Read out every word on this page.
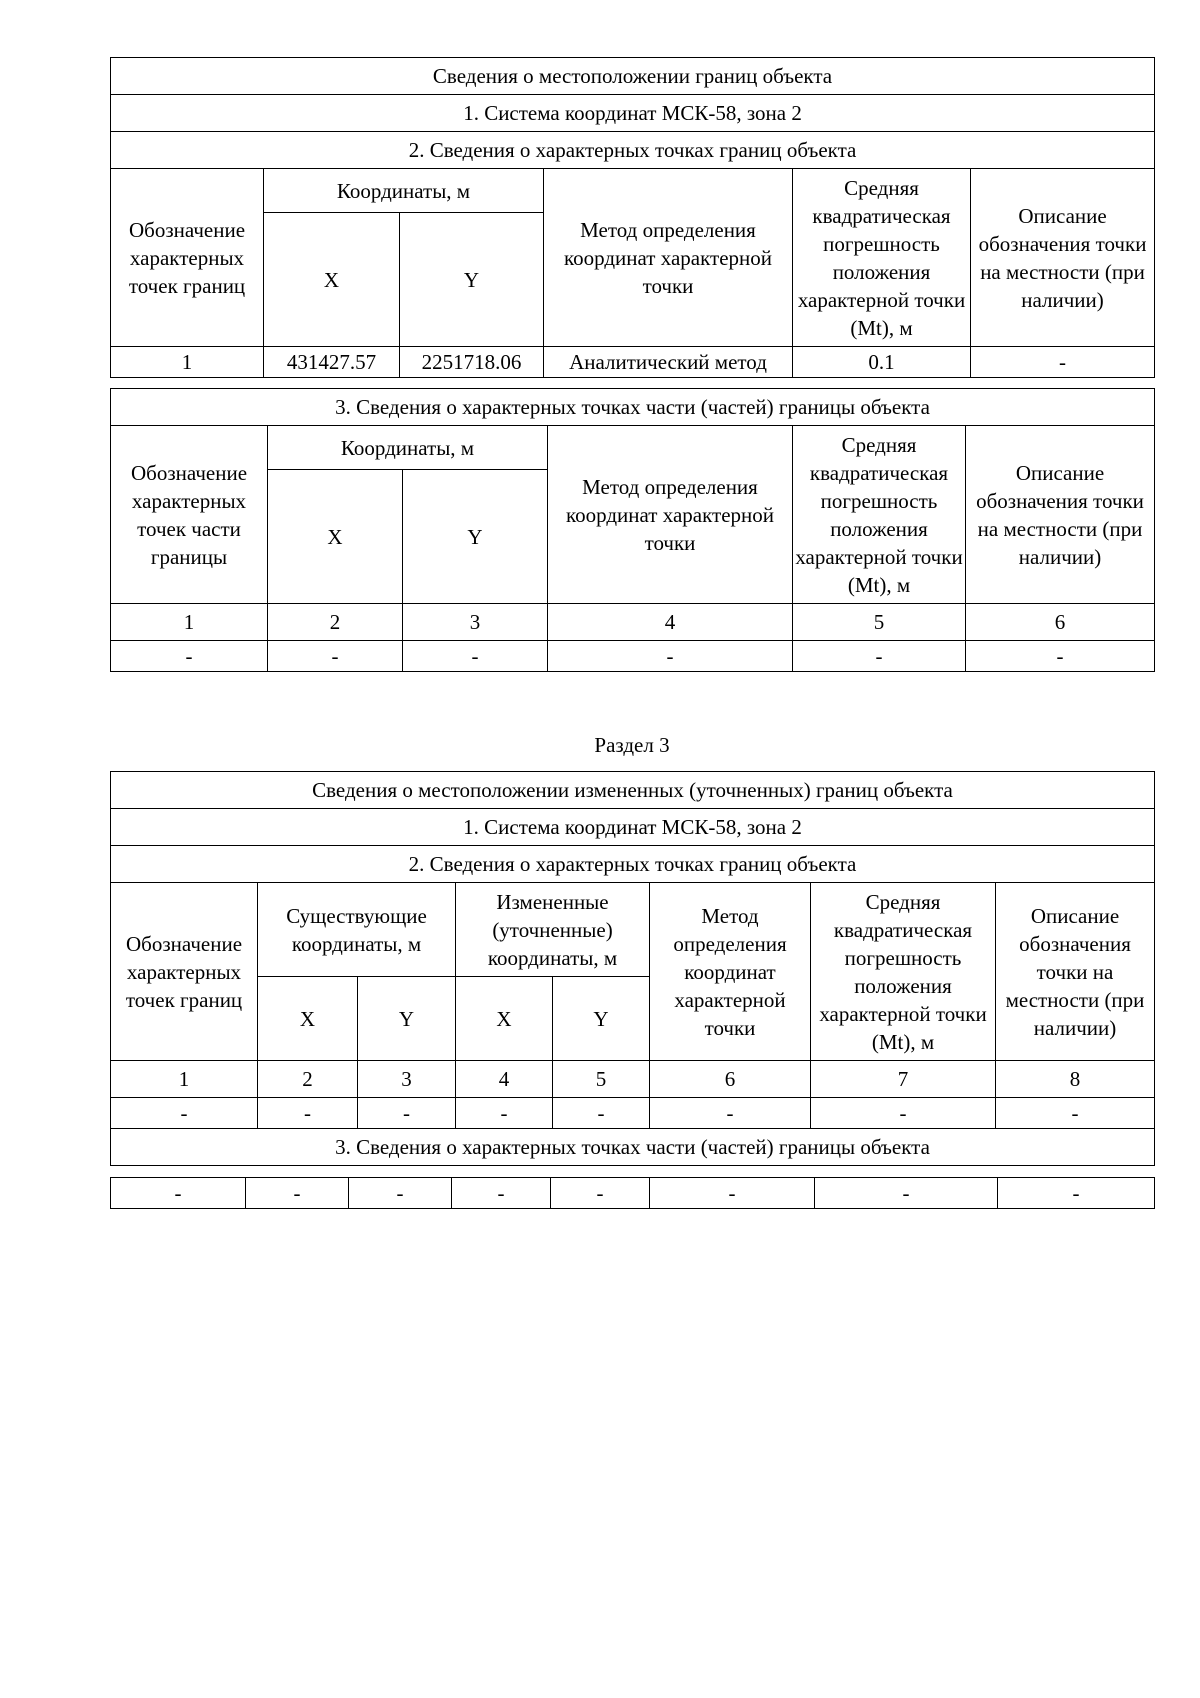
Сведения о местоположении границ объекта					
1. Система координат МСК-58, зона 2					
2. Сведения о характерных точках границ объекта					
Обозначение характерных точек границ	Координаты, м		Метод определения координат характерной точки	Средняя квадратическая погрешность положения характерной точки (Mt), м	Описание обозначения точки на местности (при наличии)
	X	Y			
1	431427.57	2251718.06	Аналитический метод	0.1	-
3. Сведения о характерных точках части (частей) границы объекта					
Обозначение характерных точек части границы	Координаты, м		Метод определения координат характерной точки	Средняя квадратическая погрешность положения характерной точки (Mt), м	Описание обозначения точки на местности (при наличии)
	X	Y			
1	2	3	4	5	6
-	-	-	-	-	-
Раздел 3
Сведения о местоположении измененных (уточненных) границ объекта							
1. Система координат МСК-58, зона 2							
2. Сведения о характерных точках границ объекта							
Обозначение характерных точек границ	Существующие координаты, м		Измененные (уточненные) координаты, м		Метод определения координат характерной точки	Средняя квадратическая погрешность положения характерной точки (Mt), м	Описание обозначения точки на местности (при наличии)
	X	Y	X	Y			
1	2	3	4	5	6	7	8
-	-	-	-	-	-	-	-
3. Сведения о характерных точках части (частей) границы объекта							
-	-	-	-	-	-	-	-
